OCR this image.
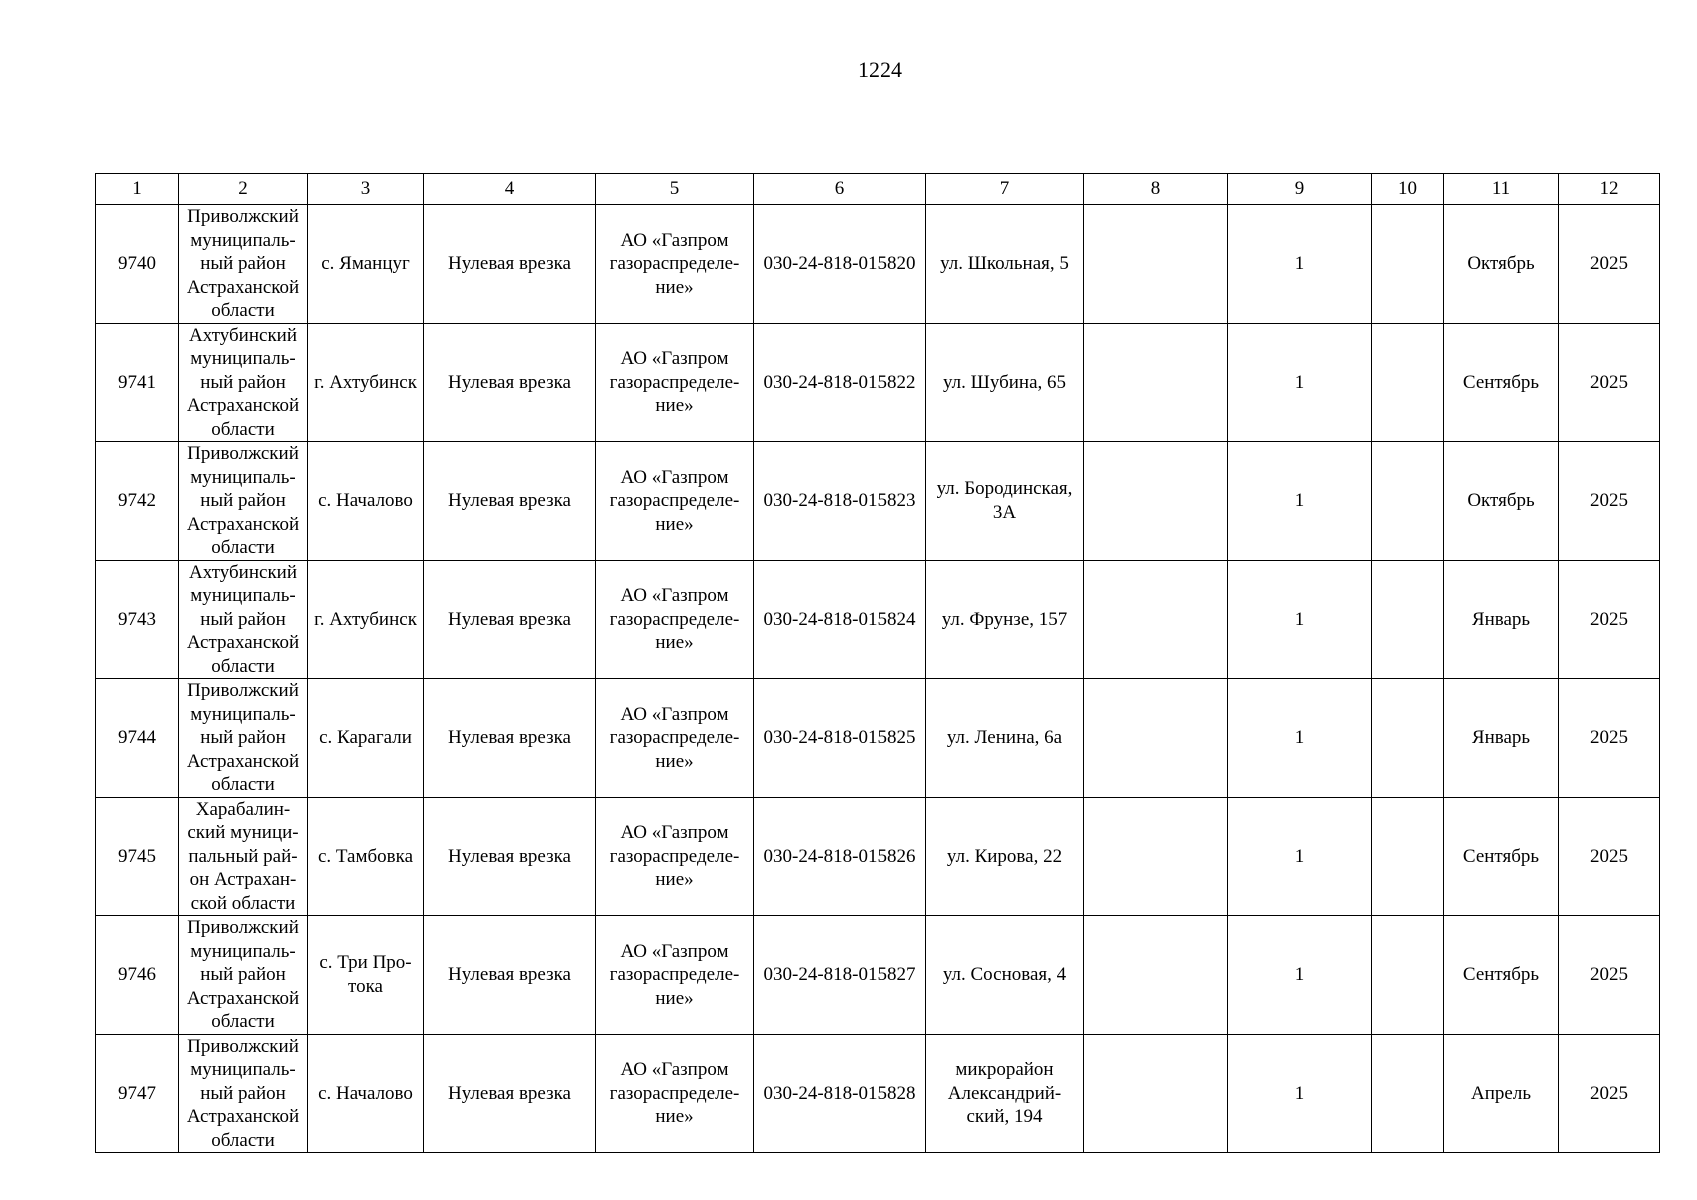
1224
1	2	3	4	5	6	7	8	9	10	11	12
9740	Приволжский
муниципаль-
ный район
Астраханской
области	с. Яманцуг	Нулевая врезка	АО «Газпром
газораспределе-
ние»	030-24-818-015820	ул. Школьная, 5		1		Октябрь	2025
9741	Ахтубинский
муниципаль-
ный район
Астраханской
области	г. Ахтубинск	Нулевая врезка	АО «Газпром
газораспределе-
ние»	030-24-818-015822	ул. Шубина, 65		1		Сентябрь	2025
9742	Приволжский
муниципаль-
ный район
Астраханской
области	с. Началово	Нулевая врезка	АО «Газпром
газораспределе-
ние»	030-24-818-015823	ул. Бородинская,
3А		1		Октябрь	2025
9743	Ахтубинский
муниципаль-
ный район
Астраханской
области	г. Ахтубинск	Нулевая врезка	АО «Газпром
газораспределе-
ние»	030-24-818-015824	ул. Фрунзе, 157		1		Январь	2025
9744	Приволжский
муниципаль-
ный район
Астраханской
области	с. Карагали	Нулевая врезка	АО «Газпром
газораспределе-
ние»	030-24-818-015825	ул. Ленина, 6а		1		Январь	2025
9745	Харабалин-
ский муници-
пальный рай-
он Астрахан-
ской области	с. Тамбовка	Нулевая врезка	АО «Газпром
газораспределе-
ние»	030-24-818-015826	ул. Кирова, 22		1		Сентябрь	2025
9746	Приволжский
муниципаль-
ный район
Астраханской
области	с. Три Про-
тока	Нулевая врезка	АО «Газпром
газораспределе-
ние»	030-24-818-015827	ул. Сосновая, 4		1		Сентябрь	2025
9747	Приволжский
муниципаль-
ный район
Астраханской
области	с. Началово	Нулевая врезка	АО «Газпром
газораспределе-
ние»	030-24-818-015828	микрорайон
Александрий-
ский, 194		1		Апрель	2025
